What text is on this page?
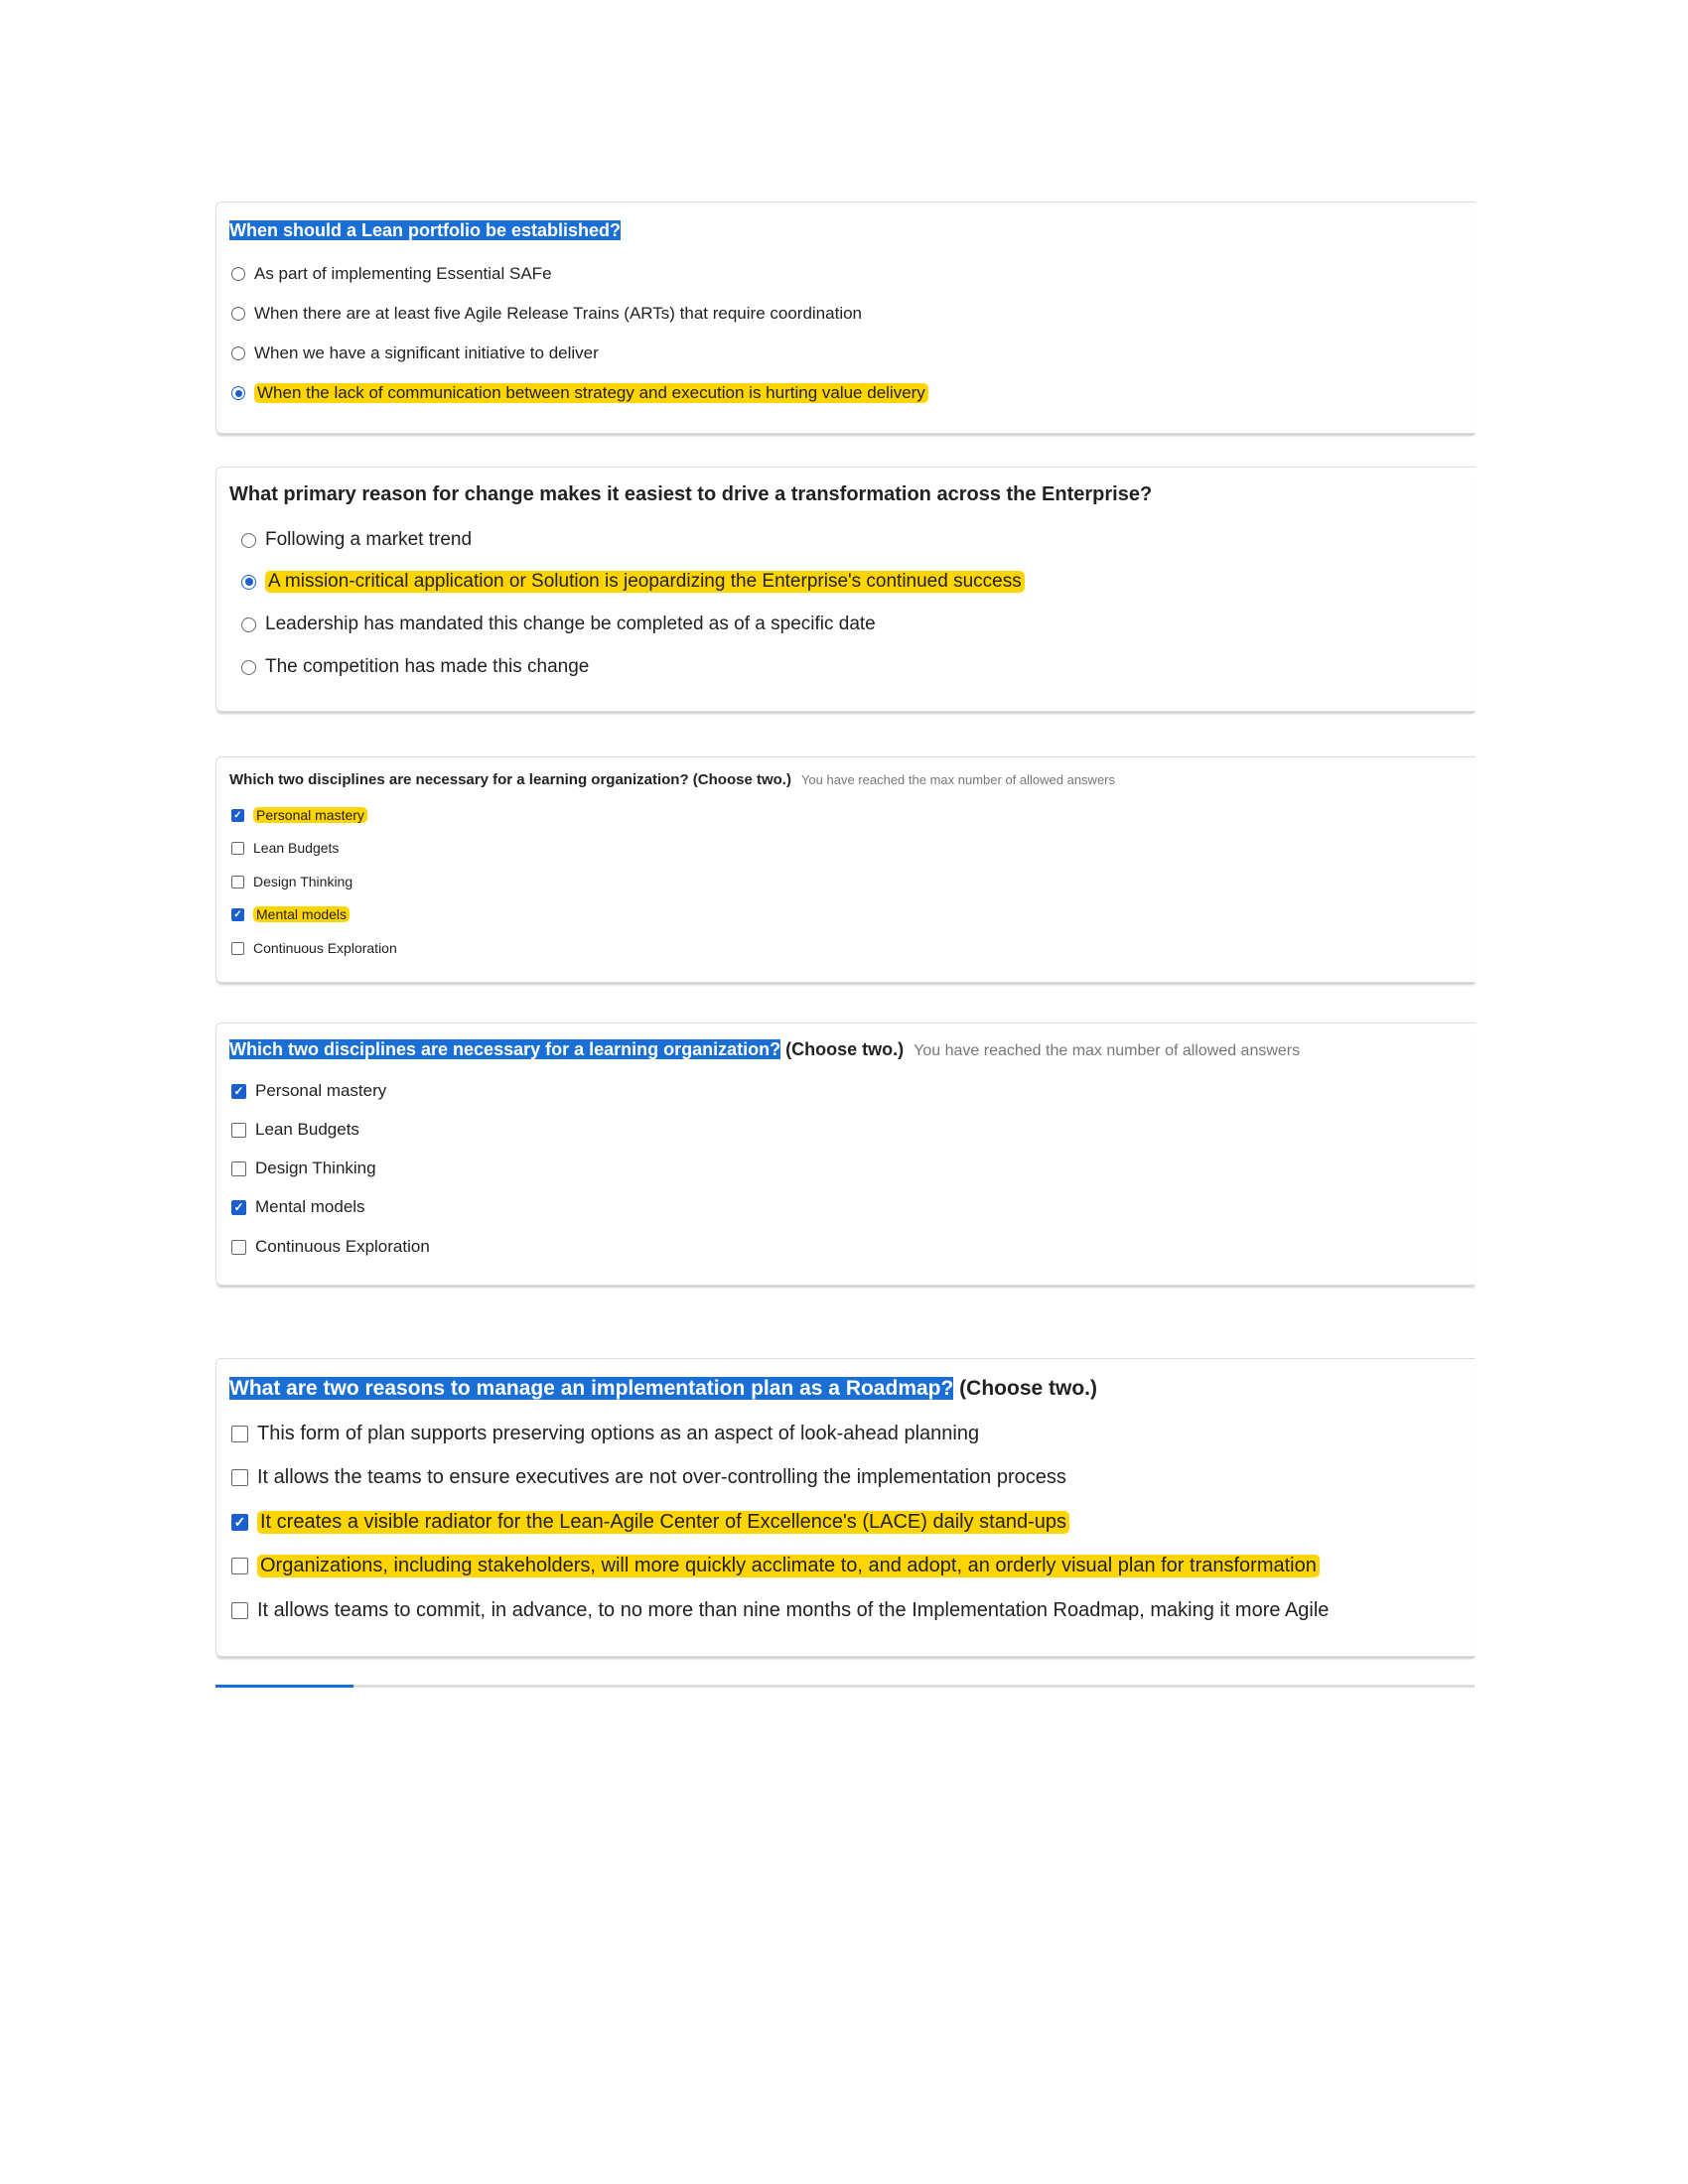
When should a Lean portfolio be established?
As part of implementing Essential SAFe
When there are at least five Agile Release Trains (ARTs) that require coordination
When we have a significant initiative to deliver
When the lack of communication between strategy and execution is hurting value delivery
What primary reason for change makes it easiest to drive a transformation across the Enterprise?
Following a market trend
A mission-critical application or Solution is jeopardizing the Enterprise's continued success
Leadership has mandated this change be completed as of a specific date
The competition has made this change
Which two disciplines are necessary for a learning organization? (Choose two.) You have reached the max number of allowed answers
✓ Personal mastery
Lean Budgets
Design Thinking
✓ Mental models
Continuous Exploration
Which two disciplines are necessary for a learning organization? (Choose two.) You have reached the max number of allowed answers
✓ Personal mastery
Lean Budgets
Design Thinking
✓ Mental models
Continuous Exploration
What are two reasons to manage an implementation plan as a Roadmap? (Choose two.)
This form of plan supports preserving options as an aspect of look-ahead planning
It allows the teams to ensure executives are not over-controlling the implementation process
✓ It creates a visible radiator for the Lean-Agile Center of Excellence's (LACE) daily stand-ups
Organizations, including stakeholders, will more quickly acclimate to, and adopt, an orderly visual plan for transformation
It allows teams to commit, in advance, to no more than nine months of the Implementation Roadmap, making it more Agile
